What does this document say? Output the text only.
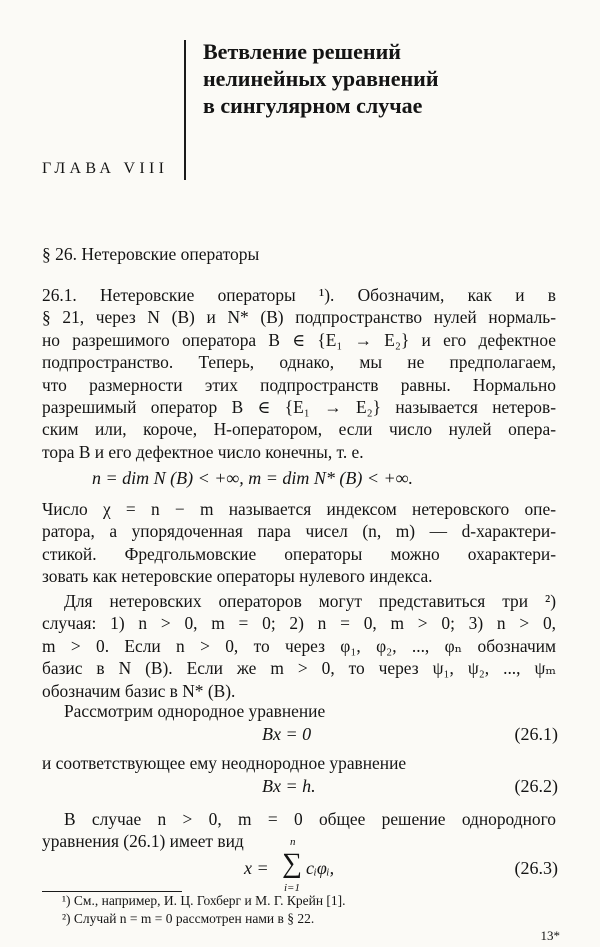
Ветвление решений
нелинейных уравнений
в сингулярном случае
ГЛАВА VIII
§ 26. Нетеровские операторы
26.1. Нетеровские операторы ¹). Обозначим, как и в
§ 21, через N (B) и N* (B) подпространство нулей нормаль-
но разрешимого оператора B ∈ {E₁ → E₂} и его дефектное
подпространство. Теперь, однако, мы не предполагаем,
что размерности этих подпространств равны. Нормально
разрешимый оператор B ∈ {E₁ → E₂} называется нетеров-
ским или, короче, H-оператором, если число нулей опера-
тора B и его дефектное число конечны, т. е.
n = dim N (B) < +∞, m = dim N* (B) < +∞.
Число χ = n − m называется индексом нетеровского опе-
ратора, а упорядоченная пара чисел (n, m) — d-характери-
стикой. Фредгольмовские операторы можно охарактери-
зовать как нетеровские операторы нулевого индекса.
Для нетеровских операторов могут представиться три ²)
случая: 1) n > 0, m = 0; 2) n = 0, m > 0; 3) n > 0,
m > 0. Если n > 0, то через φ₁, φ₂, ..., φₙ обозначим
базис в N (B). Если же m > 0, то через ψ₁, ψ₂, ..., ψₘ
обозначим базис в N* (B).
Рассмотрим однородное уравнение
Bx = 0	(26.1)
и соответствующее ему неоднородное уравнение
Bx = h.	(26.2)
В случае n > 0, m = 0 общее решение однородного
уравнения (26.1) имеет вид	n
x = ∑
i=1
cᵢφᵢ,	(26.3)
¹) См., например, И. Ц. Гохберг и М. Г. Крейн [1].
²) Случай n = m = 0 рассмотрен нами в § 22.
13*
